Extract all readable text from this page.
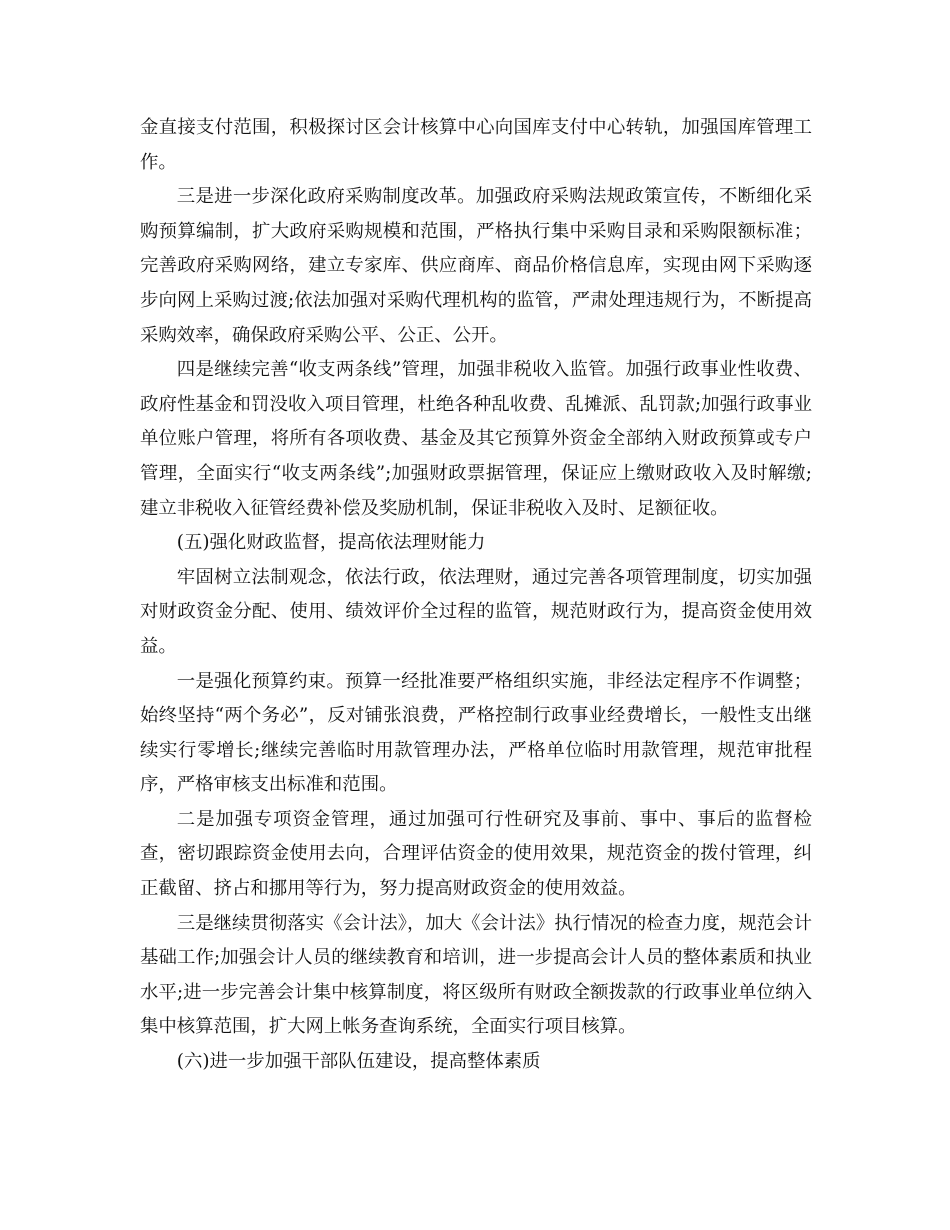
金直接支付范围，积极探讨区会计核算中心向国库支付中心转轨，加强国库管理工作。

三是进一步深化政府采购制度改革。加强政府采购法规政策宣传，不断细化采购预算编制，扩大政府采购规模和范围，严格执行集中采购目录和采购限额标准；完善政府采购网络，建立专家库、供应商库、商品价格信息库，实现由网下采购逐步向网上采购过渡;依法加强对采购代理机构的监管，严肃处理违规行为，不断提高采购效率，确保政府采购公平、公正、公开。

四是继续完善“收支两条线”管理，加强非税收入监管。加强行政事业性收费、政府性基金和罚没收入项目管理，杜绝各种乱收费、乱摊派、乱罚款;加强行政事业单位账户管理，将所有各项收费、基金及其它预算外资金全部纳入财政预算或专户管理，全面实行“收支两条线”;加强财政票据管理，保证应上缴财政收入及时解缴;建立非税收入征管经费补偿及奖励机制，保证非税收入及时、足额征收。

(五)强化财政监督，提高依法理财能力

牢固树立法制观念，依法行政，依法理财，通过完善各项管理制度，切实加强对财政资金分配、使用、绩效评价全过程的监管，规范财政行为，提高资金使用效益。

一是强化预算约束。预算一经批准要严格组织实施，非经法定程序不作调整；始终坚持“两个务必”，反对铺张浪费，严格控制行政事业经费增长，一般性支出继续实行零增长;继续完善临时用款管理办法，严格单位临时用款管理，规范审批程序，严格审核支出标准和范围。

二是加强专项资金管理，通过加强可行性研究及事前、事中、事后的监督检查，密切跟踪资金使用去向，合理评估资金的使用效果，规范资金的拨付管理，纠正截留、挤占和挪用等行为，努力提高财政资金的使用效益。

三是继续贯彻落实《会计法》，加大《会计法》执行情况的检查力度，规范会计基础工作;加强会计人员的继续教育和培训，进一步提高会计人员的整体素质和执业水平;进一步完善会计集中核算制度，将区级所有财政全额拨款的行政事业单位纳入集中核算范围，扩大网上帐务查询系统，全面实行项目核算。

(六)进一步加强干部队伍建设，提高整体素质
